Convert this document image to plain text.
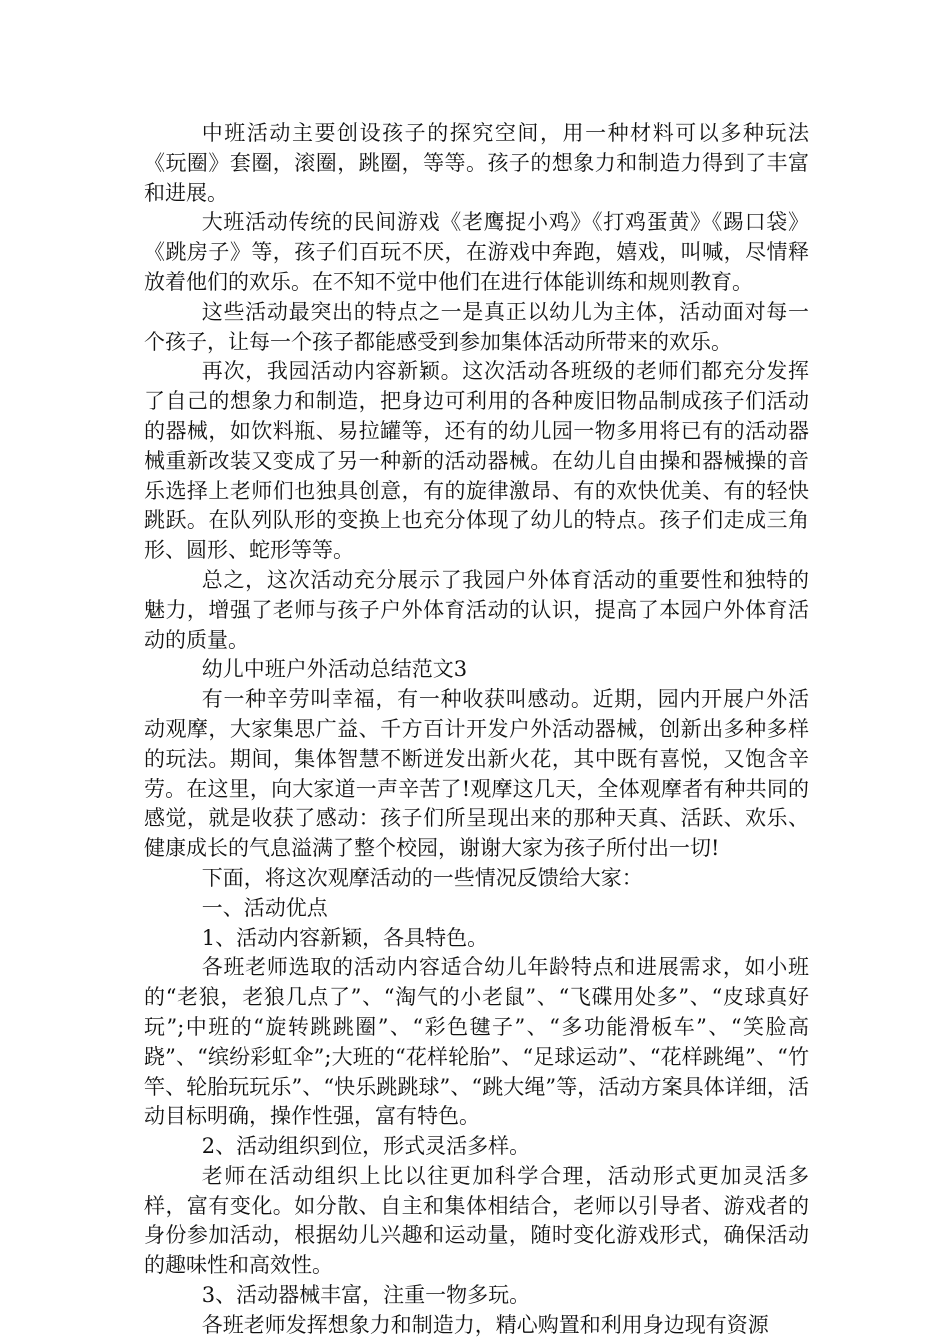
中班活动主要创设孩子的探究空间，用一种材料可以多种玩法《玩圈》套圈，滚圈，跳圈，等等。孩子的想象力和制造力得到了丰富和进展。

大班活动传统的民间游戏《老鹰捉小鸡》《打鸡蛋黄》《踢口袋》《跳房子》等，孩子们百玩不厌，在游戏中奔跑，嬉戏，叫喊，尽情释放着他们的欢乐。在不知不觉中他们在进行体能训练和规则教育。

这些活动最突出的特点之一是真正以幼儿为主体，活动面对每一个孩子，让每一个孩子都能感受到参加集体活动所带来的欢乐。

再次，我园活动内容新颖。这次活动各班级的老师们都充分发挥了自己的想象力和制造，把身边可利用的各种废旧物品制成孩子们活动的器械，如饮料瓶、易拉罐等，还有的幼儿园一物多用将已有的活动器械重新改装又变成了另一种新的活动器械。在幼儿自由操和器械操的音乐选择上老师们也独具创意，有的旋律激昂、有的欢快优美、有的轻快跳跃。在队列队形的变换上也充分体现了幼儿的特点。孩子们走成三角形、圆形、蛇形等等。

总之，这次活动充分展示了我园户外体育活动的重要性和独特的魅力，增强了老师与孩子户外体育活动的认识，提高了本园户外体育活动的质量。

幼儿中班户外活动总结范文3

有一种辛劳叫幸福，有一种收获叫感动。近期，园内开展户外活动观摩，大家集思广益、千方百计开发户外活动器械，创新出多种多样的玩法。期间，集体智慧不断迸发出新火花，其中既有喜悦，又饱含辛劳。在这里，向大家道一声辛苦了!观摩这几天，全体观摩者有种共同的感觉，就是收获了感动：孩子们所呈现出来的那种天真、活跃、欢乐、健康成长的气息溢满了整个校园，谢谢大家为孩子所付出一切!

下面，将这次观摩活动的一些情况反馈给大家：

一、活动优点

1、活动内容新颖，各具特色。

各班老师选取的活动内容适合幼儿年龄特点和进展需求，如小班的“老狼，老狼几点了”、“淘气的小老鼠”、“飞碟用处多”、“皮球真好玩”;中班的“旋转跳跳圈”、“彩色毽子”、“多功能滑板车”、“笑脸高跷”、“缤纷彩虹伞”;大班的“花样轮胎”、“足球运动”、“花样跳绳”、“竹竿、轮胎玩玩乐”、“快乐跳跳球”、“跳大绳”等，活动方案具体详细，活动目标明确，操作性强，富有特色。

2、活动组织到位，形式灵活多样。

老师在活动组织上比以往更加科学合理，活动形式更加灵活多样，富有变化。如分散、自主和集体相结合，老师以引导者、游戏者的身份参加活动，根据幼儿兴趣和运动量，随时变化游戏形式，确保活动的趣味性和高效性。

3、活动器械丰富，注重一物多玩。

各班老师发挥想象力和制造力，精心购置和利用身边现有资源
